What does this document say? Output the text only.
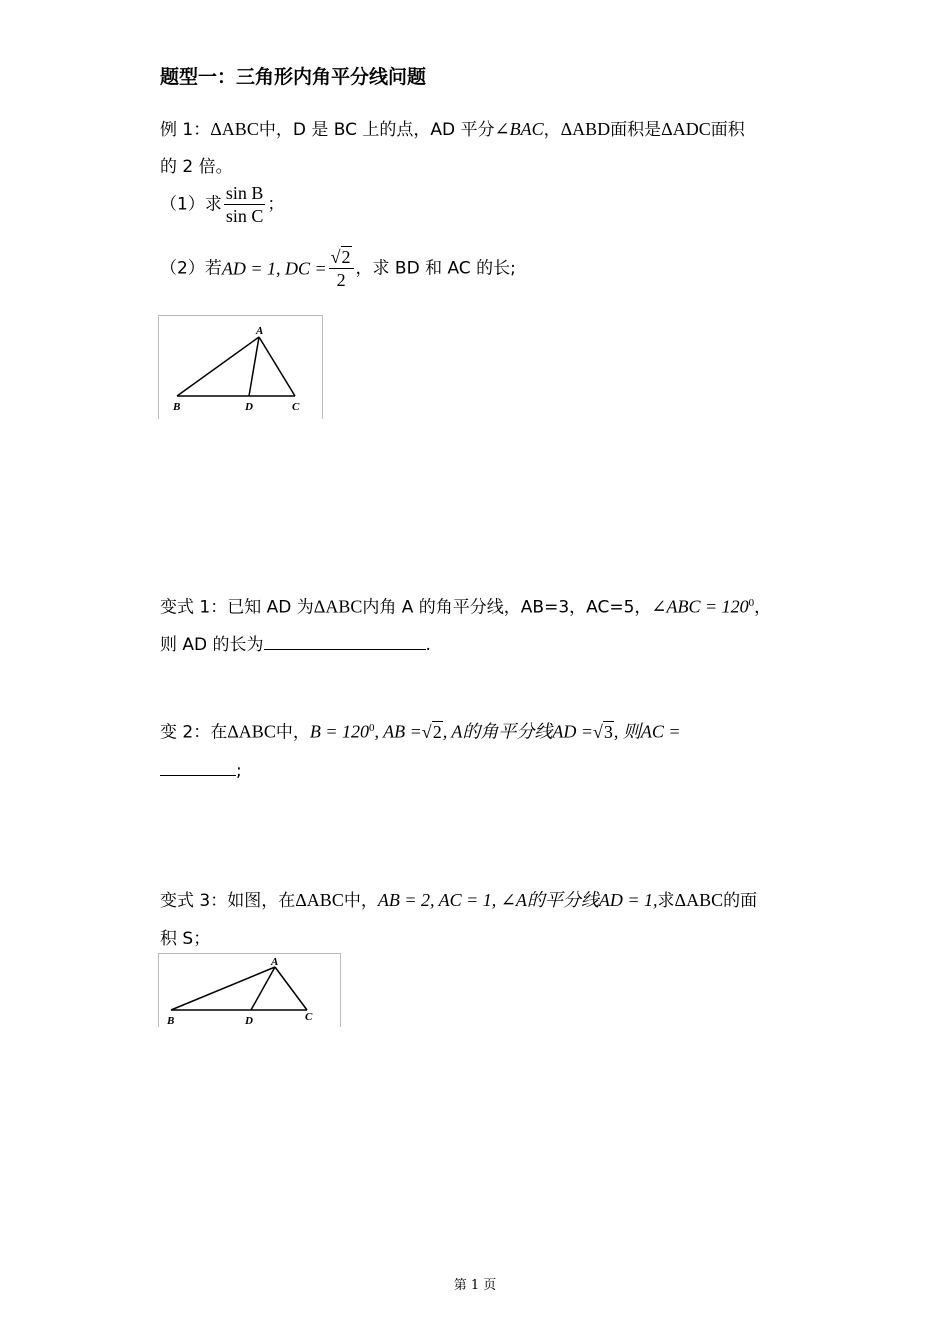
题型一：三角形内角平分线问题
例 1：ΔABC中，D 是 BC 上的点，AD 平分∠BAC，ΔABD面积是ΔADC面积
的 2 倍。
（1）求 $\frac{\text{sin B}}{\text{sin C}}$ ；
（2）若AD = 1, DC = $\frac{√2}{2}$ ，求 BD 和 AC 的长;
A
B	D	C
变式 1：已知 AD 为ΔABC内角 A 的角平分线，AB=3，AC=5，∠ABC = $120^0$，
则 AD 的长为	.
变 2：在ΔABC中，$B = 120^0$, AB =√2, A的角平分线AD =√3, 则AC =
;
变式 3：如图，在ΔABC中，AB = 2, AC = 1, ∠A的平分线AD = 1,求ΔABC的面
积 S；
A
B	D	C
第 1 页
